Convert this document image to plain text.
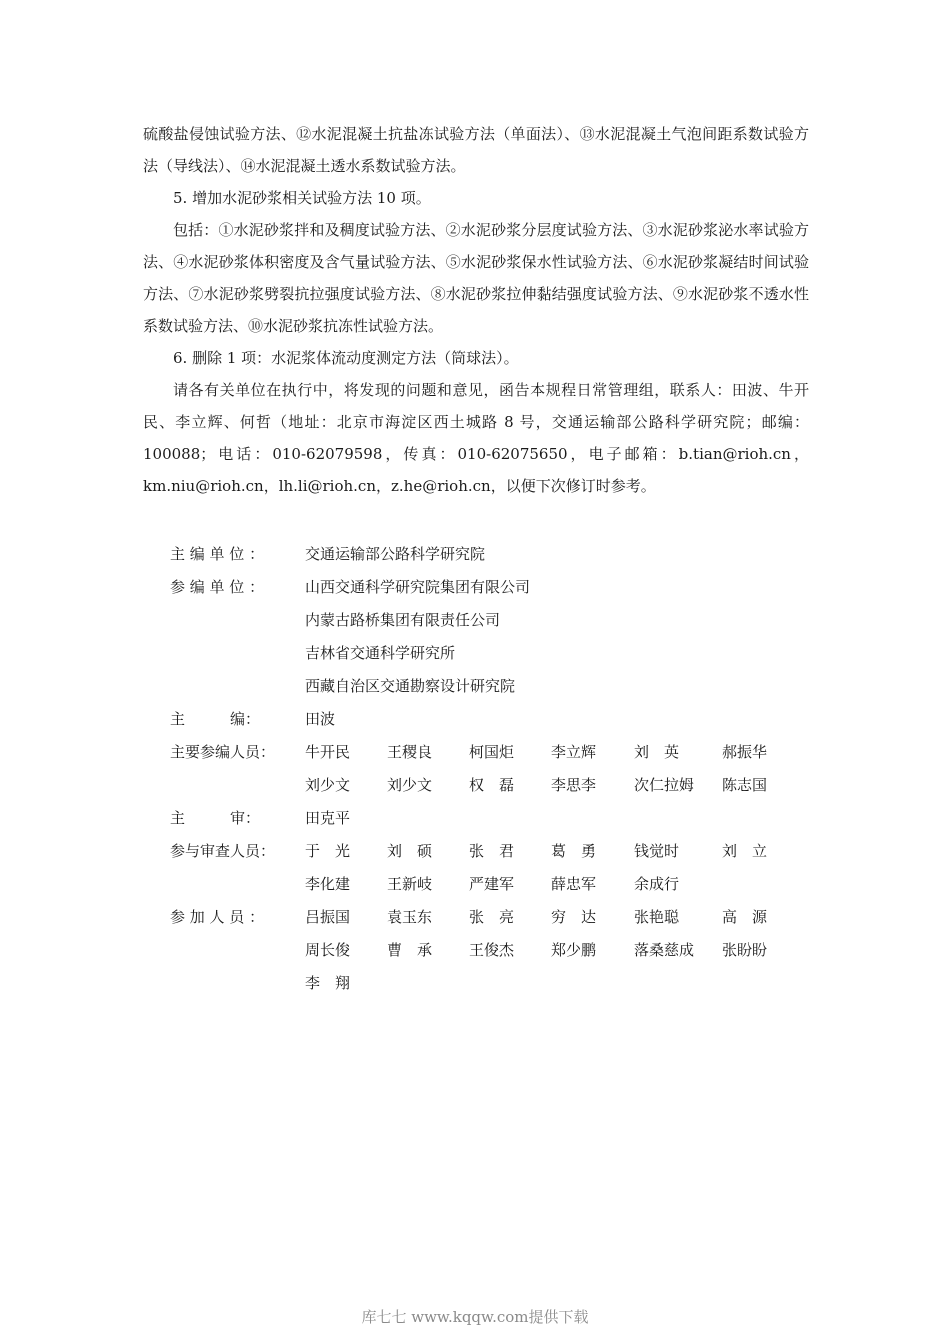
硫酸盐侵蚀试验方法、⑫水泥混凝土抗盐冻试验方法（单面法）、⑬水泥混凝土气泡间距系数试验方法（导线法）、⑭水泥混凝土透水系数试验方法。

5. 增加水泥砂浆相关试验方法 10 项。

包括：①水泥砂浆拌和及稠度试验方法、②水泥砂浆分层度试验方法、③水泥砂浆泌水率试验方法、④水泥砂浆体积密度及含气量试验方法、⑤水泥砂浆保水性试验方法、⑥水泥砂浆凝结时间试验方法、⑦水泥砂浆劈裂抗拉强度试验方法、⑧水泥砂浆拉伸黏结强度试验方法、⑨水泥砂浆不透水性系数试验方法、⑩水泥砂浆抗冻性试验方法。

6. 删除 1 项：水泥浆体流动度测定方法（筒球法）。

请各有关单位在执行中，将发现的问题和意见，函告本规程日常管理组，联系人：田波、牛开民、李立辉、何哲（地址：北京市海淀区西土城路 8 号，交通运输部公路科学研究院；邮编：100088；电话：010-62079598，传真：010-62075650，电子邮箱：b.tian@rioh.cn，km.niu@rioh.cn，lh.li@rioh.cn，z.he@rioh.cn，以便下次修订时参考。

主 编 单 位 ：	交通运输部公路科学研究院
参 编 单 位 ：	山西交通科学研究院集团有限公司
内蒙古路桥集团有限责任公司
吉林省交通科学研究所
西藏自治区交通勘察设计研究院
主　　　编：	田波
主要参编人员：	牛开民	王稷良	柯国炬	李立辉	刘　英	郝振华
刘少文	刘少文	权　磊	李思李	次仁拉姆	陈志国
主　　　审：	田克平
参与审查人员：	于　光	刘　硕	张　君	葛　勇	钱觉时	刘　立
李化建	王新岐	严建军	薛忠军	余成行
参 加 人 员 ：	吕振国	袁玉东	张　亮	穷　达	张艳聪	高　源
周长俊	曹　承	王俊杰	郑少鹏	落桑慈成	张盼盼
李　翔
库七七 www.kqqw.com提供下载
